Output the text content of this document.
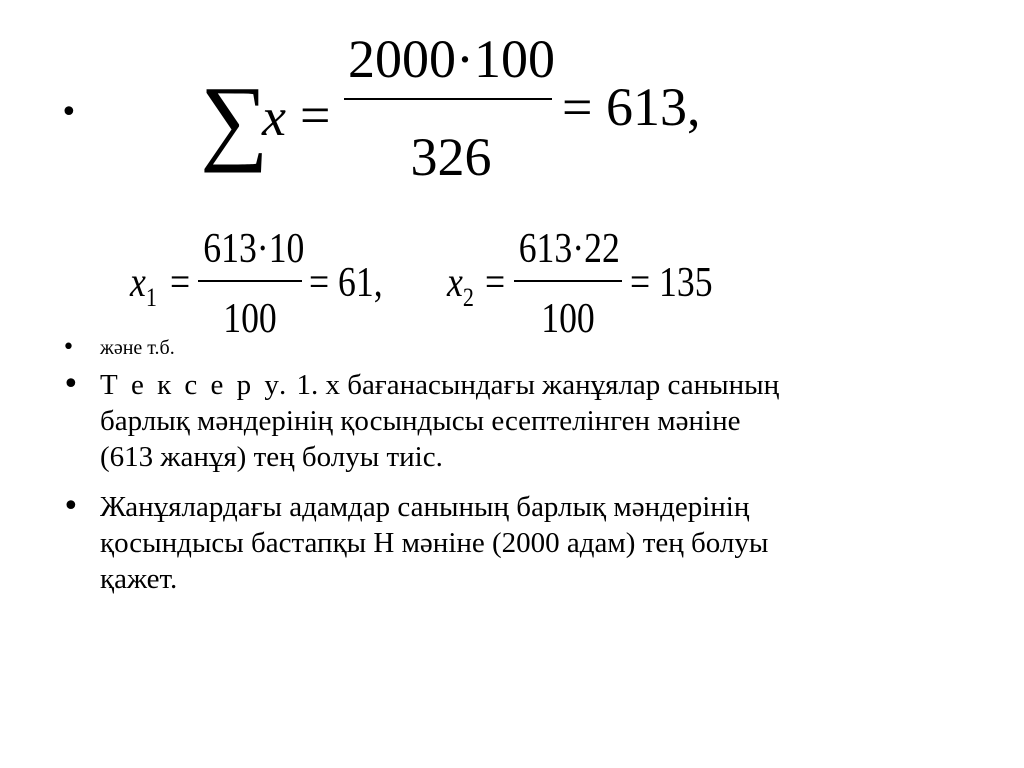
• ∑
x =
2000·100
326
= 613,
$x_1$ =
613·10
100
= 61, $x_2$ =
613·22
100
= 135
• және т.б.
• Т е к с е р у. 1. x бағанасындағы жанұялар санының
барлық мәндерінің қосындысы есептелінген мәніне
(613 жанұя) тең болуы тиіс.
• Жанұялардағы адамдар санының барлық мәндерінің
қосындысы бастапқы Н мәніне (2000 адам) тең болуы
қажет.
